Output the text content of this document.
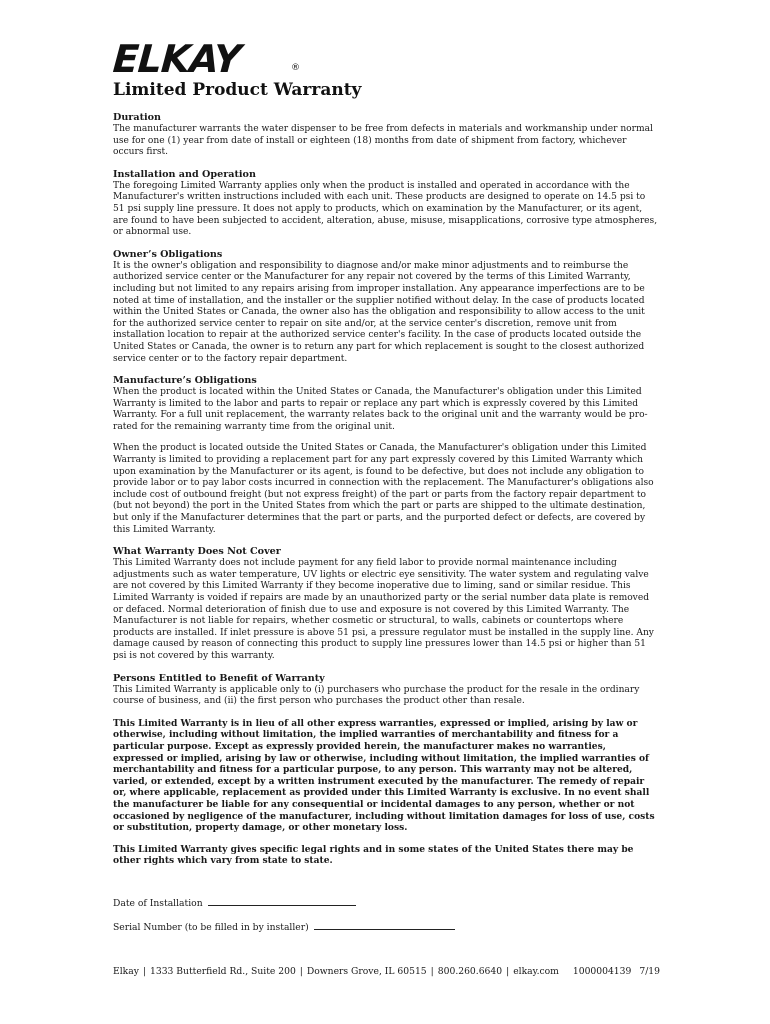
ELKAY	®
Limited Product Warranty
Duration
The manufacturer warrants the water dispenser to be free from defects in materials and workmanship under normal use for one (1) year from date of install or eighteen (18) months from date of shipment from factory, whichever occurs first.
Installation and Operation
The foregoing Limited Warranty applies only when the product is installed and operated in accordance with the Manufacturer's written instructions included with each unit. These products are designed to operate on 14.5 psi to 51 psi supply line pressure. It does not apply to products, which on examination by the Manufacturer, or its agent, are found to have been subjected to accident, alteration, abuse, misuse, misapplications, corrosive type atmospheres, or abnormal use.
Owner’s Obligations
It is the owner's obligation and responsibility to diagnose and/or make minor adjustments and to reimburse the authorized service center or the Manufacturer for any repair not covered by the terms of this Limited Warranty, including but not limited to any repairs arising from improper installation. Any appearance imperfections are to be noted at time of installation, and the installer or the supplier notified without delay. In the case of products located within the United States or Canada, the owner also has the obligation and responsibility to allow access to the unit for the authorized service center to repair on site and/or, at the service center's discretion, remove unit from installation location to repair at the authorized service center's facility. In the case of products located outside the United States or Canada, the owner is to return any part for which replacement is sought to the closest authorized service center or to the factory repair department.
Manufacture’s Obligations
When the product is located within the United States or Canada, the Manufacturer's obligation under this Limited Warranty is limited to the labor and parts to repair or replace any part which is expressly covered by this Limited Warranty. For a full unit replacement, the warranty relates back to the original unit and the warranty would be pro-rated for the remaining warranty time from the original unit.
When the product is located outside the United States or Canada, the Manufacturer's obligation under this Limited Warranty is limited to providing a replacement part for any part expressly covered by this Limited Warranty which upon examination by the Manufacturer or its agent, is found to be defective, but does not include any obligation to provide labor or to pay labor costs incurred in connection with the replacement. The Manufacturer's obligations also include cost of outbound freight (but not express freight) of the part or parts from the factory repair department to (but not beyond) the port in the United States from which the part or parts are shipped to the ultimate destination, but only if the Manufacturer determines that the part or parts, and the purported defect or defects, are covered by this Limited Warranty.
What Warranty Does Not Cover
This Limited Warranty does not include payment for any field labor to provide normal maintenance including adjustments such as water temperature, UV lights or electric eye sensitivity. The water system and regulating valve are not covered by this Limited Warranty if they become inoperative due to liming, sand or similar residue. This Limited Warranty is voided if repairs are made by an unauthorized party or the serial number data plate is removed or defaced. Normal deterioration of finish due to use and exposure is not covered by this Limited Warranty. The Manufacturer is not liable for repairs, whether cosmetic or structural, to walls, cabinets or countertops where products are installed. If inlet pressure is above 51 psi, a pressure regulator must be installed in the supply line. Any damage caused by reason of connecting this product to supply line pressures lower than 14.5 psi or higher than 51 psi is not covered by this warranty.
Persons Entitled to Benefit of Warranty
This Limited Warranty is applicable only to (i) purchasers who purchase the product for the resale in the ordinary course of business, and (ii) the first person who purchases the product other than resale.
This Limited Warranty is in lieu of all other express warranties, expressed or implied, arising by law or otherwise, including without limitation, the implied warranties of merchantability and fitness for a particular purpose. Except as expressly provided herein, the manufacturer makes no warranties, expressed or implied, arising by law or otherwise, including without limitation, the implied warranties of merchantability and fitness for a particular purpose, to any person. This warranty may not be altered, varied, or extended, except by a written instrument executed by the manufacturer. The remedy of repair or, where applicable, replacement as provided under this Limited Warranty is exclusive. In no event shall the manufacturer be liable for any consequential or incidental damages to any person, whether or not occasioned by negligence of the manufacturer, including without limitation damages for loss of use, costs or substitution, property damage, or other monetary loss.
This Limited Warranty gives specific legal rights and in some states of the United States there may be other rights which vary from state to state.
Date of Installation
Serial Number (to be filled in by installer)
Elkay | 1333 Butterfield Rd., Suite 200 | Downers Grove, IL 60515 | 800.260.6640 | elkay.com 1000004139 7/19
